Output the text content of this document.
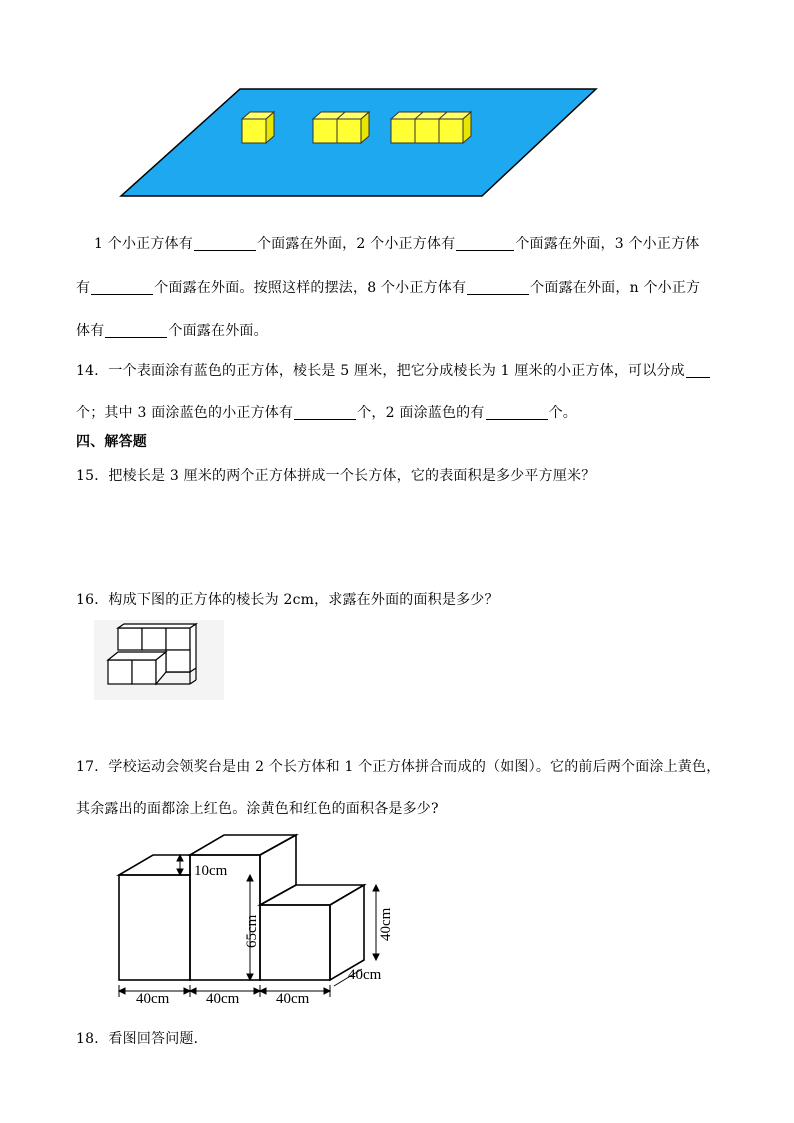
1 个小正方体有	个面露在外面，2 个小正方体有	个面露在外面，3 个小正方体
有	个面露在外面。按照这样的摆法，8 个小正方体有	个面露在外面，n 个小正方
体有	个面露在外面。
14．一个表面涂有蓝色的正方体，棱长是 5 厘米，把它分成棱长为 1 厘米的小正方体，可以分成
个；其中 3 面涂蓝色的小正方体有	个，2 面涂蓝色的有	个。
四、解答题
15．把棱长是 3 厘米的两个正方体拼成一个长方体，它的表面积是多少平方厘米？
16．构成下图的正方体的棱长为 2cm，求露在外面的面积是多少？
17．学校运动会领奖台是由 2 个长方体和 1 个正方体拼合而成的（如图）。它的前后两个面涂上黄色，
其余露出的面都涂上红色。涂黄色和红色的面积各是多少?
10cm
65cm	40cm
40cm
40cm 40cm 40cm
18．看图回答问题．
